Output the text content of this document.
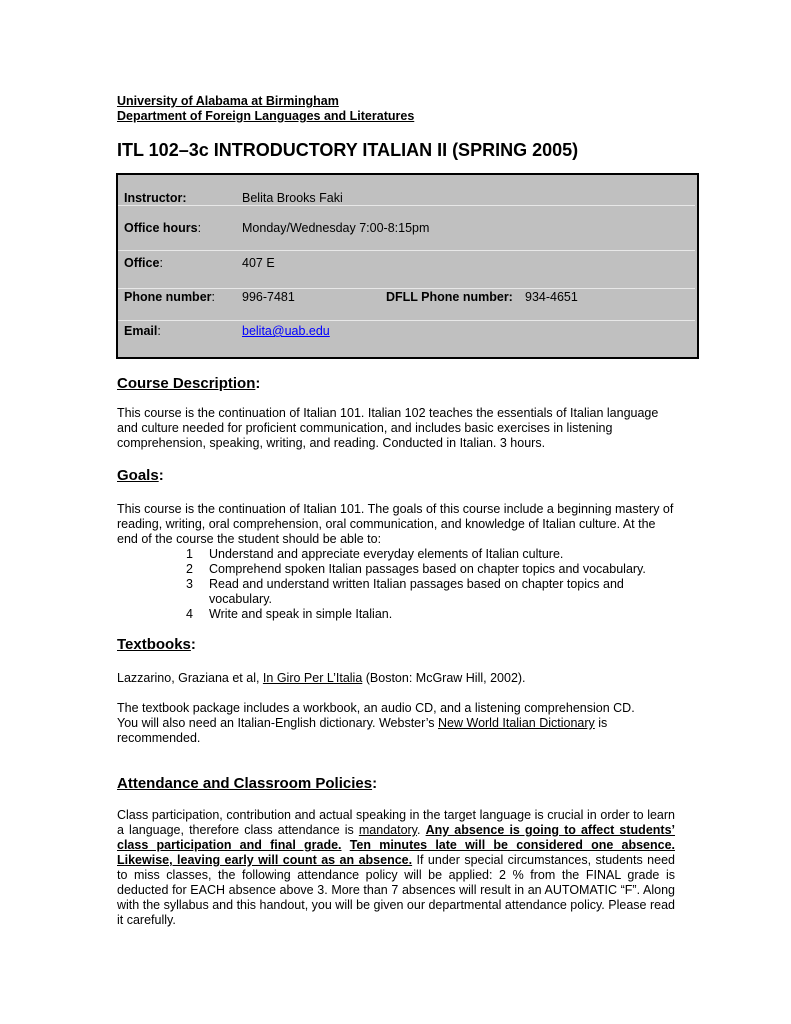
University of Alabama at Birmingham
Department of Foreign Languages and Literatures
ITL 102–3c INTRODUCTORY ITALIAN II (SPRING 2005)
Instructor:	Belita Brooks Faki
Office hours:	Monday/Wednesday 7:00-8:15pm
Office:	407 E
Phone number: 996-7481	DFLL Phone number: 934-4651
Email:	belita@uab.edu
Course Description:
This course is the continuation of Italian 101. Italian 102 teaches the essentials of Italian language and culture needed for proficient communication, and includes basic exercises in listening comprehension, speaking, writing, and reading. Conducted in Italian. 3 hours.
Goals:
This course is the continuation of Italian 101. The goals of this course include a beginning mastery of reading, writing, oral comprehension, oral communication, and knowledge of Italian culture. At the end of the course the student should be able to:
1	Understand and appreciate everyday elements of Italian culture.
2	Comprehend spoken Italian passages based on chapter topics and vocabulary.
3	Read and understand written Italian passages based on chapter topics and vocabulary.
4	Write and speak in simple Italian.
Textbooks:
Lazzarino, Graziana et al, In Giro Per L’Italia (Boston: McGraw Hill, 2002).
The textbook package includes a workbook, an audio CD, and a listening comprehension CD. You will also need an Italian-English dictionary. Webster’s New World Italian Dictionary is recommended.
Attendance and Classroom Policies:
Class participation, contribution and actual speaking in the target language is crucial in order to learn a language, therefore class attendance is mandatory. Any absence is going to affect students’ class participation and final grade. Ten minutes late will be considered one absence. Likewise, leaving early will count as an absence. If under special circumstances, students need to miss classes, the following attendance policy will be applied: 2 % from the FINAL grade is deducted for EACH absence above 3. More than 7 absences will result in an AUTOMATIC “F”. Along with the syllabus and this handout, you will be given our departmental attendance policy. Please read it carefully.
